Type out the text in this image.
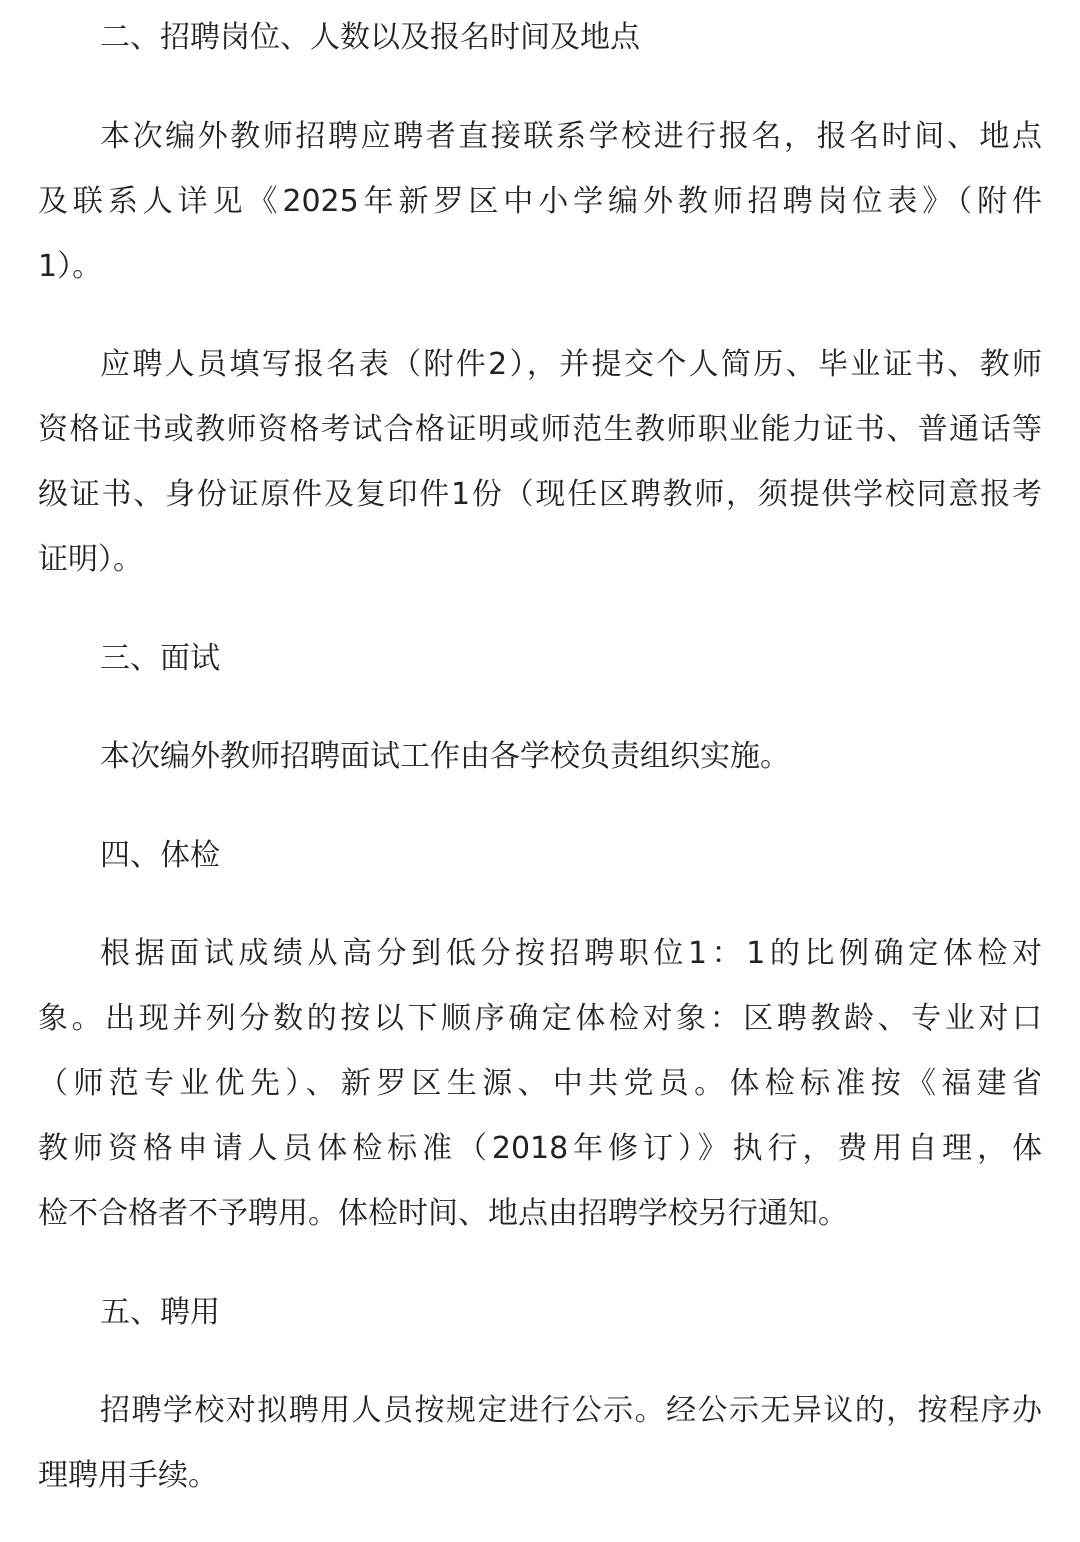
二、招聘岗位、人数以及报名时间及地点
本次编外教师招聘应聘者直接联系学校进行报名，报名时间、地点
及联系人详见《2025年新罗区中小学编外教师招聘岗位表》（附件
1）。
应聘人员填写报名表（附件2），并提交个人简历、毕业证书、教师
资格证书或教师资格考试合格证明或师范生教师职业能力证书、普通话等
级证书、身份证原件及复印件1份（现任区聘教师，须提供学校同意报考
证明）。
三、面试
本次编外教师招聘面试工作由各学校负责组织实施。
四、体检
根据面试成绩从高分到低分按招聘职位1：1的比例确定体检对
象。出现并列分数的按以下顺序确定体检对象：区聘教龄、专业对口
（师范专业优先）、新罗区生源、中共党员。体检标准按《福建省
教师资格申请人员体检标准（2018年修订）》执行，费用自理，体
检不合格者不予聘用。体检时间、地点由招聘学校另行通知。
五、聘用
招聘学校对拟聘用人员按规定进行公示。经公示无异议的，按程序办
理聘用手续。
